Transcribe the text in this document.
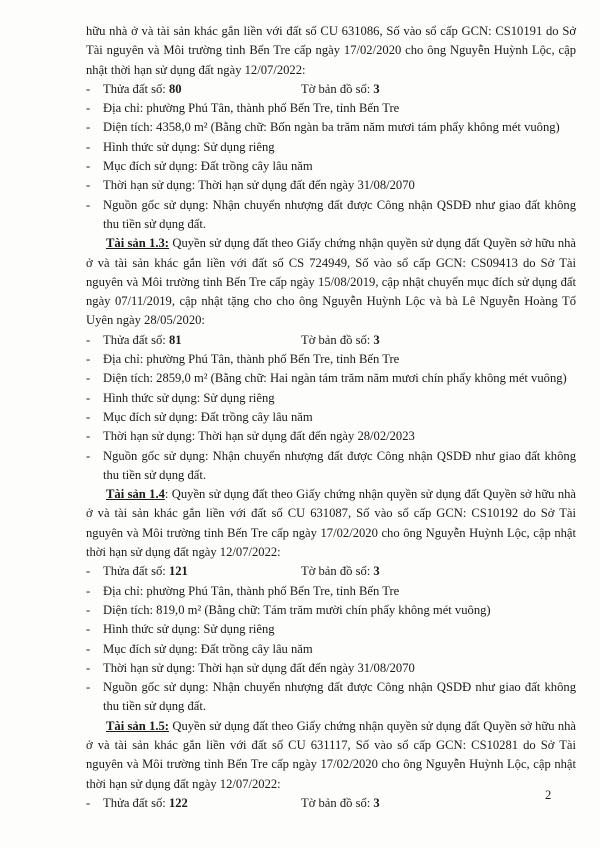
hữu nhà ở và tài sản khác gắn liền với đất số CU 631086, Số vào sổ cấp GCN: CS10191 do Sở Tài nguyên và Môi trường tỉnh Bến Tre cấp ngày 17/02/2020 cho ông Nguyễn Huỳnh Lộc, cập nhật thời hạn sử dụng đất ngày 12/07/2022:

-	Thửa đất số: 80	Tờ bản đồ số: 3
-	Địa chỉ: phường Phú Tân, thành phố Bến Tre, tỉnh Bến Tre
-	Diện tích: 4358,0 m² (Bằng chữ: Bốn ngàn ba trăm năm mươi tám phẩy không mét vuông)
-	Hình thức sử dụng: Sử dụng riêng
-	Mục đích sử dụng: Đất trồng cây lâu năm
-	Thời hạn sử dụng: Thời hạn sử dụng đất đến ngày 31/08/2070
-	Nguồn gốc sử dụng: Nhận chuyển nhượng đất được Công nhận QSDĐ như giao đất không thu tiền sử dụng đất.

Tài sản 1.3: Quyền sử dụng đất theo Giấy chứng nhận quyền sử dụng đất Quyền sở hữu nhà ở và tài sản khác gắn liền với đất số CS 724949, Số vào sổ cấp GCN: CS09413 do Sở Tài nguyên và Môi trường tỉnh Bến Tre cấp ngày 15/08/2019, cập nhật chuyển mục đích sử dụng đất ngày 07/11/2019, cập nhật tặng cho cho ông Nguyễn Huỳnh Lộc và bà Lê Nguyễn Hoàng Tố Uyên ngày 28/05/2020:

-	Thửa đất số: 81	Tờ bản đồ số: 3
-	Địa chỉ: phường Phú Tân, thành phố Bến Tre, tỉnh Bến Tre
-	Diện tích: 2859,0 m² (Bằng chữ: Hai ngàn tám trăm năm mươi chín phẩy không mét vuông)
-	Hình thức sử dụng: Sử dụng riêng
-	Mục đích sử dụng: Đất trồng cây lâu năm
-	Thời hạn sử dụng: Thời hạn sử dụng đất đến ngày 28/02/2023
-	Nguồn gốc sử dụng: Nhận chuyển nhượng đất được Công nhận QSDĐ như giao đất không thu tiền sử dụng đất.

Tài sản 1.4: Quyền sử dụng đất theo Giấy chứng nhận quyền sử dụng đất Quyền sở hữu nhà ở và tài sản khác gắn liền với đất số CU 631087, Số vào sổ cấp GCN: CS10192 do Sở Tài nguyên và Môi trường tỉnh Bến Tre cấp ngày 17/02/2020 cho ông Nguyễn Huỳnh Lộc, cập nhật thời hạn sử dụng đất ngày 12/07/2022:

-	Thửa đất số: 121	Tờ bản đồ số: 3
-	Địa chỉ: phường Phú Tân, thành phố Bến Tre, tỉnh Bến Tre
-	Diện tích: 819,0 m² (Bằng chữ: Tám trăm mười chín phẩy không mét vuông)
-	Hình thức sử dụng: Sử dụng riêng
-	Mục đích sử dụng: Đất trồng cây lâu năm
-	Thời hạn sử dụng: Thời hạn sử dụng đất đến ngày 31/08/2070
-	Nguồn gốc sử dụng: Nhận chuyển nhượng đất được Công nhận QSDĐ như giao đất không thu tiền sử dụng đất.

Tài sản 1.5: Quyền sử dụng đất theo Giấy chứng nhận quyền sử dụng đất Quyền sở hữu nhà ở và tài sản khác gắn liền với đất số CU 631117, Số vào sổ cấp GCN: CS10281 do Sở Tài nguyên và Môi trường tỉnh Bến Tre cấp ngày 17/02/2020 cho ông Nguyễn Huỳnh Lộc, cập nhật thời hạn sử dụng đất ngày 12/07/2022:

-	Thửa đất số: 122	Tờ bản đồ số: 3
2
